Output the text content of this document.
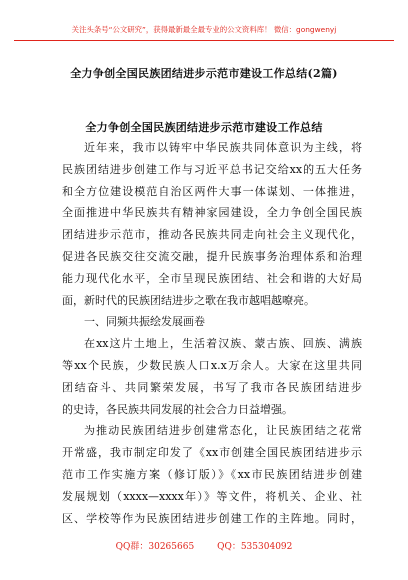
关注头条号“公文研究”，获得最新最全最专业的公文资料库！ 微信：gongwenyj
全力争创全国民族团结进步示范市建设工作总结(2篇)
全力争创全国民族团结进步示范市建设工作总结
近年来，我市以铸牢中华民族共同体意识为主线，将
民族团结进步创建工作与习近平总书记交给xx的五大任务
和全方位建设模范自治区两件大事一体谋划、一体推进，
全面推进中华民族共有精神家园建设，全力争创全国民族
团结进步示范市，推动各民族共同走向社会主义现代化，
促进各民族交往交流交融，提升民族事务治理体系和治理
能力现代化水平，全市呈现民族团结、社会和谐的大好局
面，新时代的民族团结进步之歌在我市越唱越嘹亮。
一、同频共振绘发展画卷
在xx这片土地上，生活着汉族、蒙古族、回族、满族
等xx个民族，少数民族人口x.x万余人。大家在这里共同
团结奋斗、共同繁荣发展，书写了我市各民族团结进步
的史诗，各民族共同发展的社会合力日益增强。
为推动民族团结进步创建常态化，让民族团结之花常
开常盛，我市制定印发了《xx市创建全国民族团结进步示
范市工作实施方案（修订版）》《xx市民族团结进步创建
发展规划（xxxx—xxxx年）》等文件，将机关、企业、社
区、学校等作为民族团结进步创建工作的主阵地。同时，
QQ群：30265665	QQ：535304092
